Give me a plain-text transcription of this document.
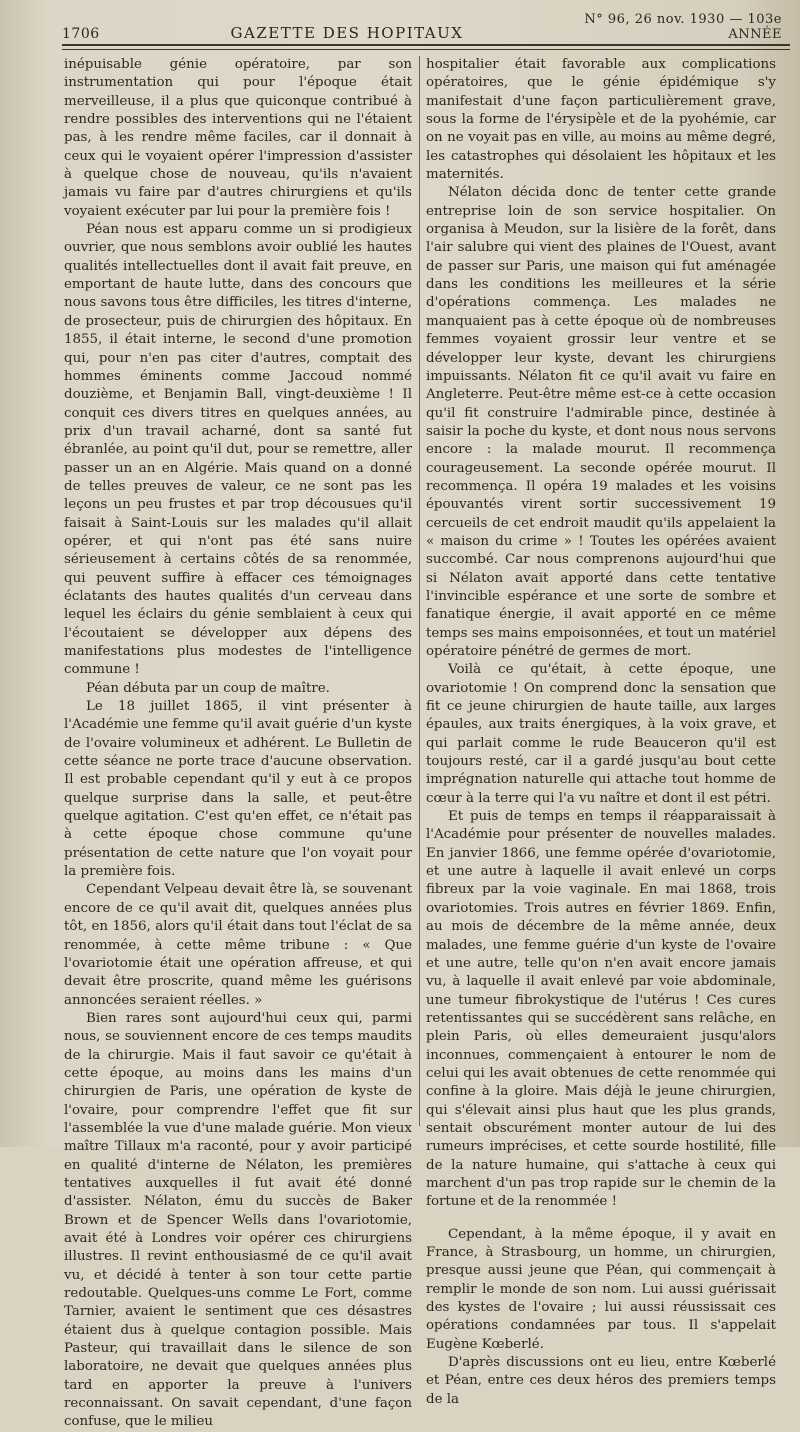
1706	GAZETTE DES HOPITAUX
N° 96, 26 nov. 1930 — 103e ANNÉE

inépuisable génie opératoire, par son instrumentation qui pour l'époque était merveilleuse, il a plus que quiconque contribué à rendre possibles des interventions qui ne l'étaient pas, à les rendre même faciles, car il donnait à ceux qui le voyaient opérer l'impression d'assister à quelque chose de nouveau, qu'ils n'avaient jamais vu faire par d'autres chirurgiens et qu'ils voyaient exécuter par lui pour la première fois !

Péan nous est apparu comme un si prodigieux ouvrier, que nous semblons avoir oublié les hautes qualités intellectuelles dont il avait fait preuve, en emportant de haute lutte, dans des concours que nous savons tous être difficiles, les titres d'interne, de prosecteur, puis de chirurgien des hôpitaux. En 1855, il était interne, le second d'une promotion qui, pour n'en pas citer d'autres, comptait des hommes éminents comme Jaccoud nommé douzième, et Benjamin Ball, vingt-deuxième ! Il conquit ces divers titres en quelques années, au prix d'un travail acharné, dont sa santé fut ébranlée, au point qu'il dut, pour se remettre, aller passer un an en Algérie. Mais quand on a donné de telles preuves de valeur, ce ne sont pas les leçons un peu frustes et par trop décousues qu'il faisait à Saint-Louis sur les malades qu'il allait opérer, et qui n'ont pas été sans nuire sérieusement à certains côtés de sa renommée, qui peuvent suffire à effacer ces témoignages éclatants des hautes qualités d'un cerveau dans lequel les éclairs du génie semblaient à ceux qui l'écoutaient se développer aux dépens des manifestations plus modestes de l'intelligence commune !

Péan débuta par un coup de maître.

Le 18 juillet 1865, il vint présenter à l'Académie une femme qu'il avait guérie d'un kyste de l'ovaire volumineux et adhérent. Le Bulletin de cette séance ne porte trace d'aucune observation. Il est probable cependant qu'il y eut à ce propos quelque surprise dans la salle, et peut-être quelque agitation. C'est qu'en effet, ce n'était pas à cette époque chose commune qu'une présentation de cette nature que l'on voyait pour la première fois.

Cependant Velpeau devait être là, se souvenant encore de ce qu'il avait dit, quelques années plus tôt, en 1856, alors qu'il était dans tout l'éclat de sa renommée, à cette même tribune : « Que l'ovariotomie était une opération affreuse, et qui devait être proscrite, quand même les guérisons annoncées seraient réelles. »

Bien rares sont aujourd'hui ceux qui, parmi nous, se souviennent encore de ces temps maudits de la chirurgie. Mais il faut savoir ce qu'était à cette époque, au moins dans les mains d'un chirurgien de Paris, une opération de kyste de l'ovaire, pour comprendre l'effet que fit sur l'assemblée la vue d'une malade guérie. Mon vieux maître Tillaux m'a raconté, pour y avoir participé en qualité d'interne de Nélaton, les premières tentatives auxquelles il fut avait été donné d'assister. Nélaton, ému du succès de Baker Brown et de Spencer Wells dans l'ovariotomie, avait été à Londres voir opérer ces chirurgiens illustres. Il revint enthousiasmé de ce qu'il avait vu, et décidé à tenter à son tour cette partie redoutable. Quelques-uns comme Le Fort, comme Tarnier, avaient le sentiment que ces désastres étaient dus à quelque contagion possible. Mais Pasteur, qui travaillait dans le silence de son laboratoire, ne devait que quelques années plus tard en apporter la preuve à l'univers reconnaissant. On savait cependant, d'une façon confuse, que le milieu

hospitalier était favorable aux complications opératoires, que le génie épidémique s'y manifestait d'une façon particulièrement grave, sous la forme de l'érysipèle et de la pyohémie, car on ne voyait pas en ville, au moins au même degré, les catastrophes qui désolaient les hôpitaux et les maternités.

Nélaton décida donc de tenter cette grande entreprise loin de son service hospitalier. On organisa à Meudon, sur la lisière de la forêt, dans l'air salubre qui vient des plaines de l'Ouest, avant de passer sur Paris, une maison qui fut aménagée dans les conditions les meilleures et la série d'opérations commença. Les malades ne manquaient pas à cette époque où de nombreuses femmes voyaient grossir leur ventre et se développer leur kyste, devant les chirurgiens impuissants. Nélaton fit ce qu'il avait vu faire en Angleterre. Peut-être même est-ce à cette occasion qu'il fit construire l'admirable pince, destinée à saisir la poche du kyste, et dont nous nous servons encore : la malade mourut. Il recommença courageusement. La seconde opérée mourut. Il recommença. Il opéra 19 malades et les voisins épouvantés virent sortir successivement 19 cercueils de cet endroit maudit qu'ils appelaient la « maison du crime » ! Toutes les opérées avaient succombé. Car nous comprenons aujourd'hui que si Nélaton avait apporté dans cette tentative l'invincible espérance et une sorte de sombre et fanatique énergie, il avait apporté en ce même temps ses mains empoisonnées, et tout un matériel opératoire pénétré de germes de mort.

Voilà ce qu'était, à cette époque, une ovariotomie ! On comprend donc la sensation que fit ce jeune chirurgien de haute taille, aux larges épaules, aux traits énergiques, à la voix grave, et qui parlait comme le rude Beauceron qu'il est toujours resté, car il a gardé jusqu'au bout cette imprégnation naturelle qui attache tout homme de cœur à la terre qui l'a vu naître et dont il est pétri.

Et puis de temps en temps il réapparaissait à l'Académie pour présenter de nouvelles malades. En janvier 1866, une femme opérée d'ovariotomie, et une autre à laquelle il avait enlevé un corps fibreux par la voie vaginale. En mai 1868, trois ovariotomies. Trois autres en février 1869. Enfin, au mois de décembre de la même année, deux malades, une femme guérie d'un kyste de l'ovaire et une autre, telle qu'on n'en avait encore jamais vu, à laquelle il avait enlevé par voie abdominale, une tumeur fibrokystique de l'utérus ! Ces cures retentissantes qui se succédèrent sans relâche, en plein Paris, où elles demeuraient jusqu'alors inconnues, commençaient à entourer le nom de celui qui les avait obtenues de cette renommée qui confine à la gloire. Mais déjà le jeune chirurgien, qui s'élevait ainsi plus haut que les plus grands, sentait obscurément monter autour de lui des rumeurs imprécises, et cette sourde hostilité, fille de la nature humaine, qui s'attache à ceux qui marchent d'un pas trop rapide sur le chemin de la fortune et de la renommée !

Cependant, à la même époque, il y avait en France, à Strasbourg, un homme, un chirurgien, presque aussi jeune que Péan, qui commençait à remplir le monde de son nom. Lui aussi guérissait des kystes de l'ovaire ; lui aussi réussissait ces opérations condamnées par tous. Il s'appelait Eugène Kœberlé.

D'après discussions ont eu lieu, entre Kœberlé et Péan, entre ces deux héros des premiers temps de la
